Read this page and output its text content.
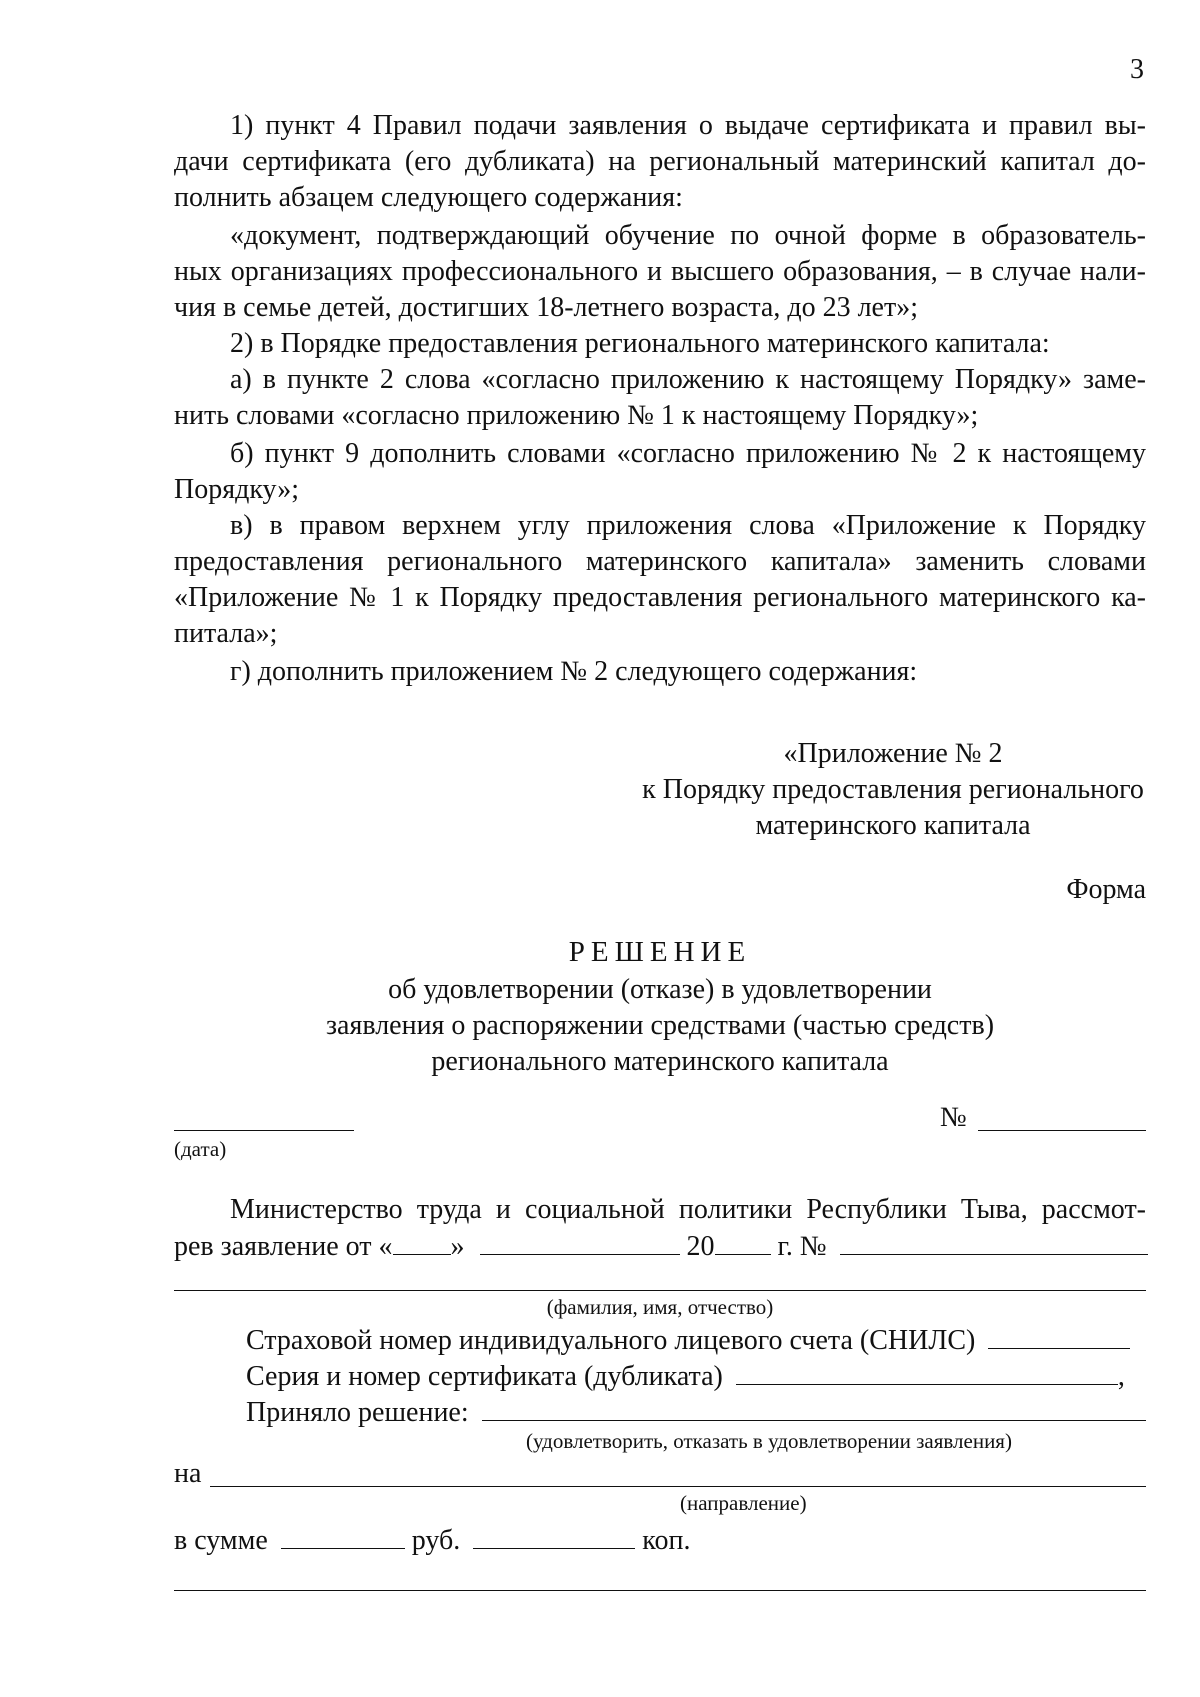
3
1) пункт 4 Правил подачи заявления о выдаче сертификата и правил вы-
дачи сертификата (его дубликата) на региональный материнский капитал до-
полнить абзацем следующего содержания:
«документ, подтверждающий обучение по очной форме в образователь-
ных организациях профессионального и высшего образования, – в случае нали-
чия в семье детей, достигших 18-летнего возраста, до 23 лет»;
2) в Порядке предоставления регионального материнского капитала:
а) в пункте 2 слова «согласно приложению к настоящему Порядку» заме-
нить словами «согласно приложению № 1 к настоящему Порядку»;
б) пункт 9 дополнить словами «согласно приложению № 2 к настоящему
Порядку»;
в) в правом верхнем углу приложения слова «Приложение к Порядку
предоставления регионального материнского капитала» заменить словами
«Приложение № 1 к Порядку предоставления регионального материнского ка-
питала»;
г) дополнить приложением № 2 следующего содержания:
«Приложение № 2
к Порядку предоставления регионального
материнского капитала
Форма
РЕШЕНИЕ
об удовлетворении (отказе) в удовлетворении
заявления о распоряжении средствами (частью средств)
регионального материнского капитала
(дата)
№
Министерство труда и социальной политики Республики Тыва, рассмот-
рев заявление от « »	20 г. №
(фамилия, имя, отчество)
Страховой номер индивидуального лицевого счета (СНИЛС)
Серия и номер сертификата (дубликата)	,
Приняло решение:
(удовлетворить, отказать в удовлетворении заявления)
на
(направление)
в сумме	руб.	коп.
